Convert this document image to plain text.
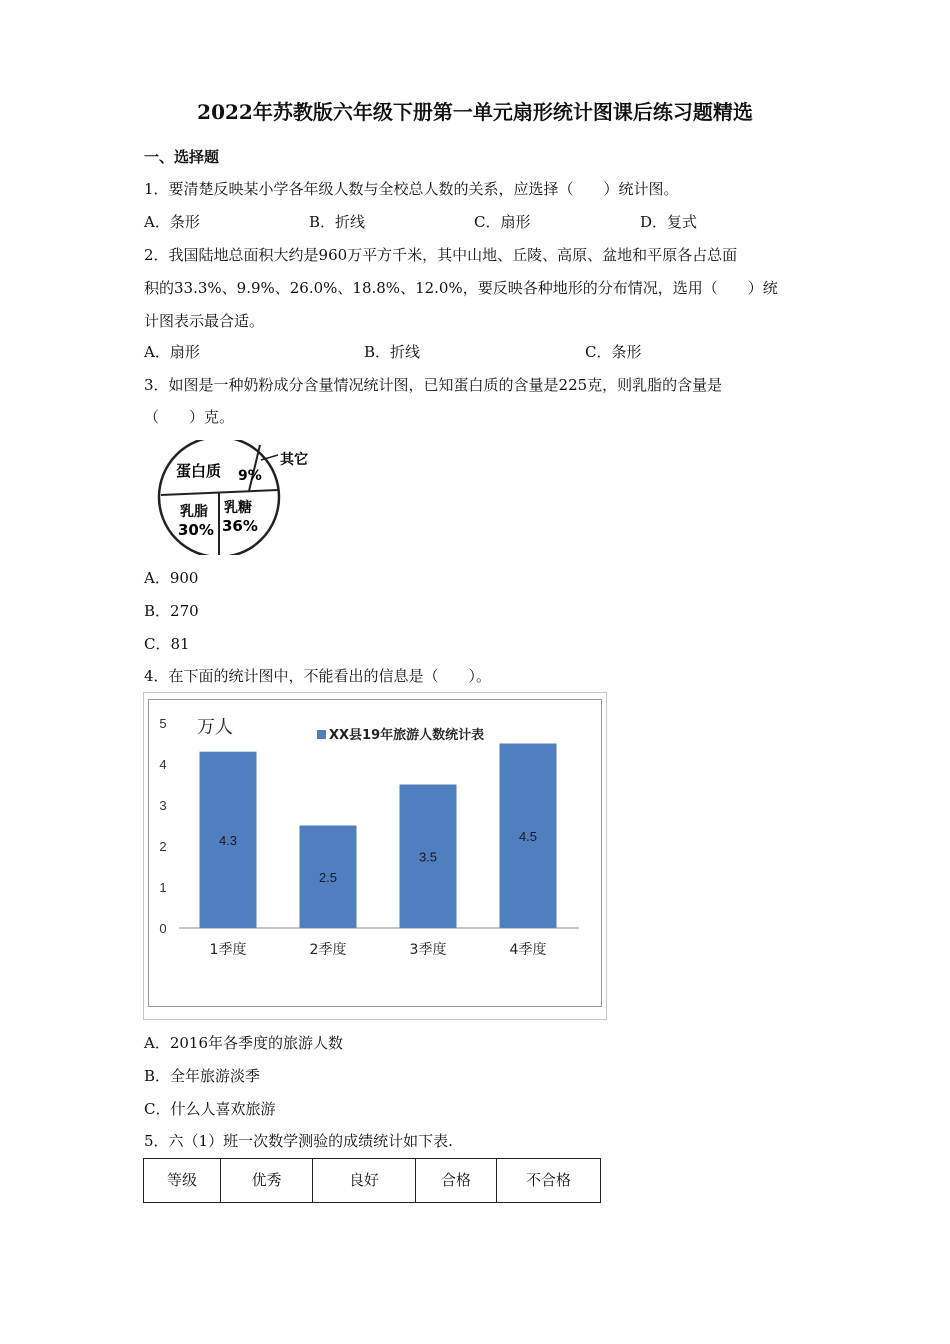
2022年苏教版六年级下册第一单元扇形统计图课后练习题精选
一、选择题
1．要清楚反映某小学各年级人数与全校总人数的关系，应选择（　　）统计图。
A．条形	B．折线	C．扇形	D．复式
2．我国陆地总面积大约是960万平方千米，其中山地、丘陵、高原、盆地和平原各占总面
积的33.3%、9.9%、26.0%、18.8%、12.0%，要反映各种地形的分布情况，选用（　　）统
计图表示最合适。
A．扇形	B．折线	C．条形
3．如图是一种奶粉成分含量情况统计图，已知蛋白质的含量是225克，则乳脂的含量是
（　　）克。
蛋白质 9%
其它
乳脂
30%
乳糖
36%
A．900
B．270
C．81
4．在下面的统计图中，不能看出的信息是（　　）。
0
1
2
3
4
5 万人	XX县19年旅游人数统计表
4.3
1季度
2.5
2季度
3.5
3季度
4.5
4季度
A．2016年各季度的旅游人数
B．全年旅游淡季
C．什么人喜欢旅游
5．六（1）班一次数学测验的成绩统计如下表.
等级	优秀	良好	合格	不合格
